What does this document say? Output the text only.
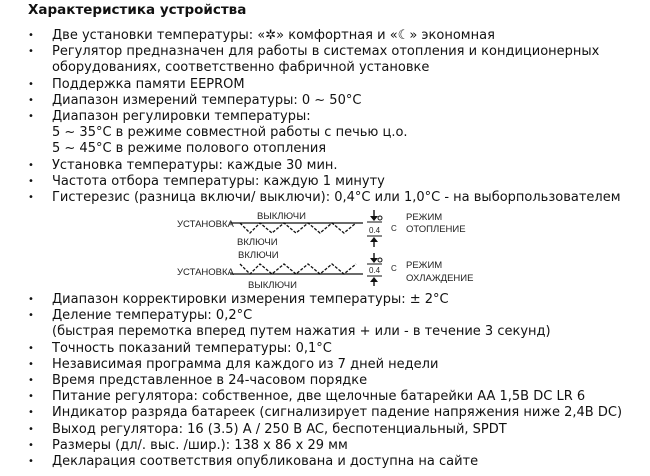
Характеристика устройства
• Две установки температуры: «✲» комфортная и «☾» экономная
• Регулятор предназначен для работы в системах отопления и кондиционерных
оборудованиях, соответственно фабричной установке
• Поддержка памяти EEPROM
• Диапазон измерений температуры: 0 ~ 50°C
• Диапазон регулировки температуры:
5 ~ 35°C в режиме совместной работы с печью ц.о.
5 ~ 45°C в режиме полового отопления
• Установка температуры: каждые 30 мин.
• Частота отбора температуры: каждую 1 минуту
• Гистерезис (разница включи/ выключи): 0,4°C или 1,0°C - на выборпользователем
УСТАНОВКА
ВЫКЛЮЧИ
ВКЛЮЧИ
0.4 C
РЕЖИМ
ОТОПЛЕНИЕ
ВКЛЮЧИ
УСТАНОВКА
ВЫКЛЮЧИ
0.4 C РЕЖИМ
ОХЛАЖДЕНИЕ
• Диапазон корректировки измерения температуры: ± 2°C
• Деление температуры: 0,2°C
(быстрая перемотка вперед путем нажатия + или - в течение 3 секунд)
• Точность показаний температуры: 0,1°C
• Независимая программа для каждого из 7 дней недели
• Время представленное в 24-часовом порядке
• Питание регулятора: собственное, две щелочные батарейки AA 1,5B DC LR 6
• Индикатор разряда батареек (сигнализирует падение напряжения ниже 2,4B DC)
• Выход регулятора: 16 (3.5) A / 250 B AC, беспотенциальный, SPDT
• Размеры (дл/. выс. /шир.): 138 x 86 x 29 мм
• Декларация соответствия опубликована и доступна на сайте
